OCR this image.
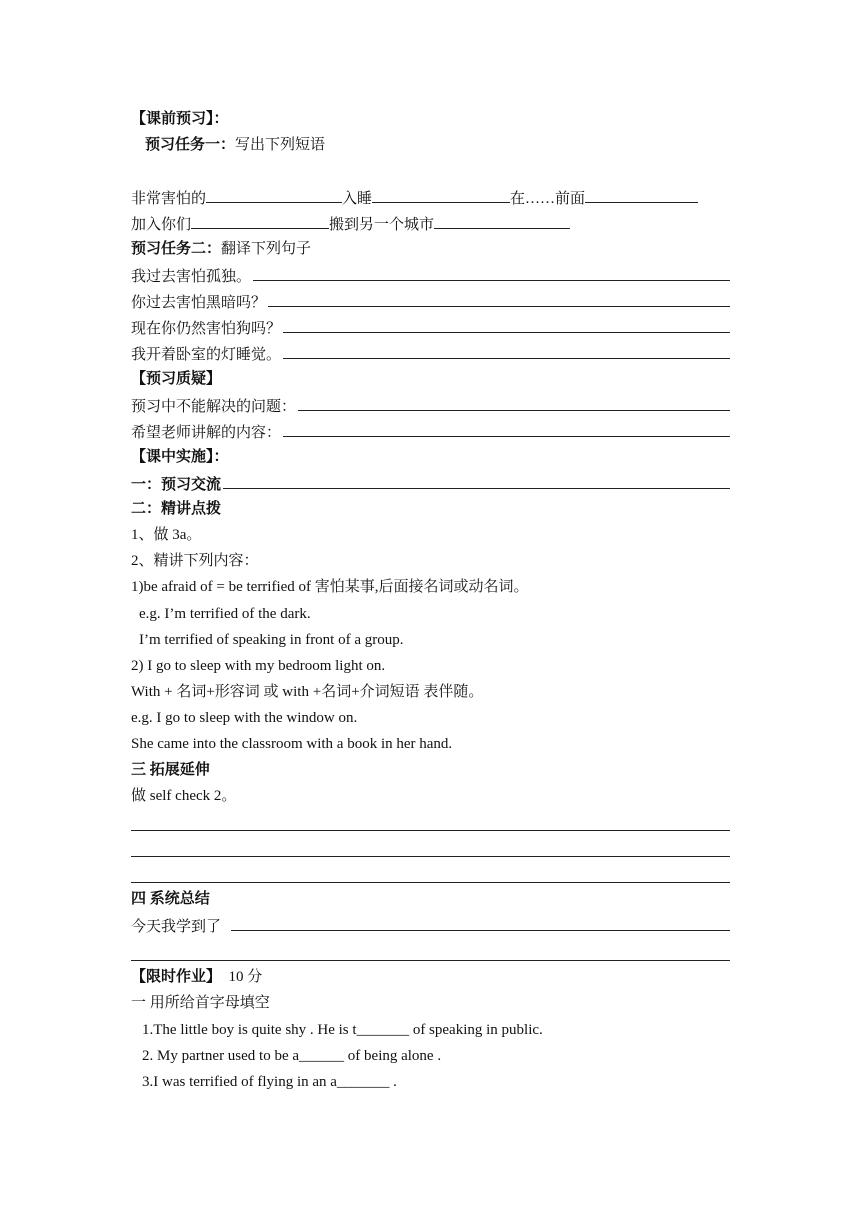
【课前预习】：
预习任务一：写出下列短语
非常害怕的	入睡	在……前面
加入你们	搬到另一个城市
预习任务二：翻译下列句子
我过去害怕孤独。
你过去害怕黑暗吗？
现在你仍然害怕狗吗？
我开着卧室的灯睡觉。
【预习质疑】
预习中不能解决的问题：
希望老师讲解的内容：
【课中实施】：
一：预习交流
二：精讲点拨
1、做 3a。
2、精讲下列内容：
1)be afraid of = be terrified of 害怕某事,后面接名词或动名词。
e.g. I’m terrified of the dark.
I’m terrified of speaking in front of a group.
2) I go to sleep with my bedroom light on.
With + 名词+形容词 或 with +名词+介词短语 表伴随。
e.g. I go to sleep with the window on.
She came into the classroom with a book in her hand.
三 拓展延伸
做 self check 2。
四 系统总结
今天我学到了
【限时作业】 10 分
一 用所给首字母填空
1.The little boy is quite shy . He is t_______ of speaking in public.
2. My partner used to be a______ of being alone .
3.I was terrified of flying in an a_______ .
